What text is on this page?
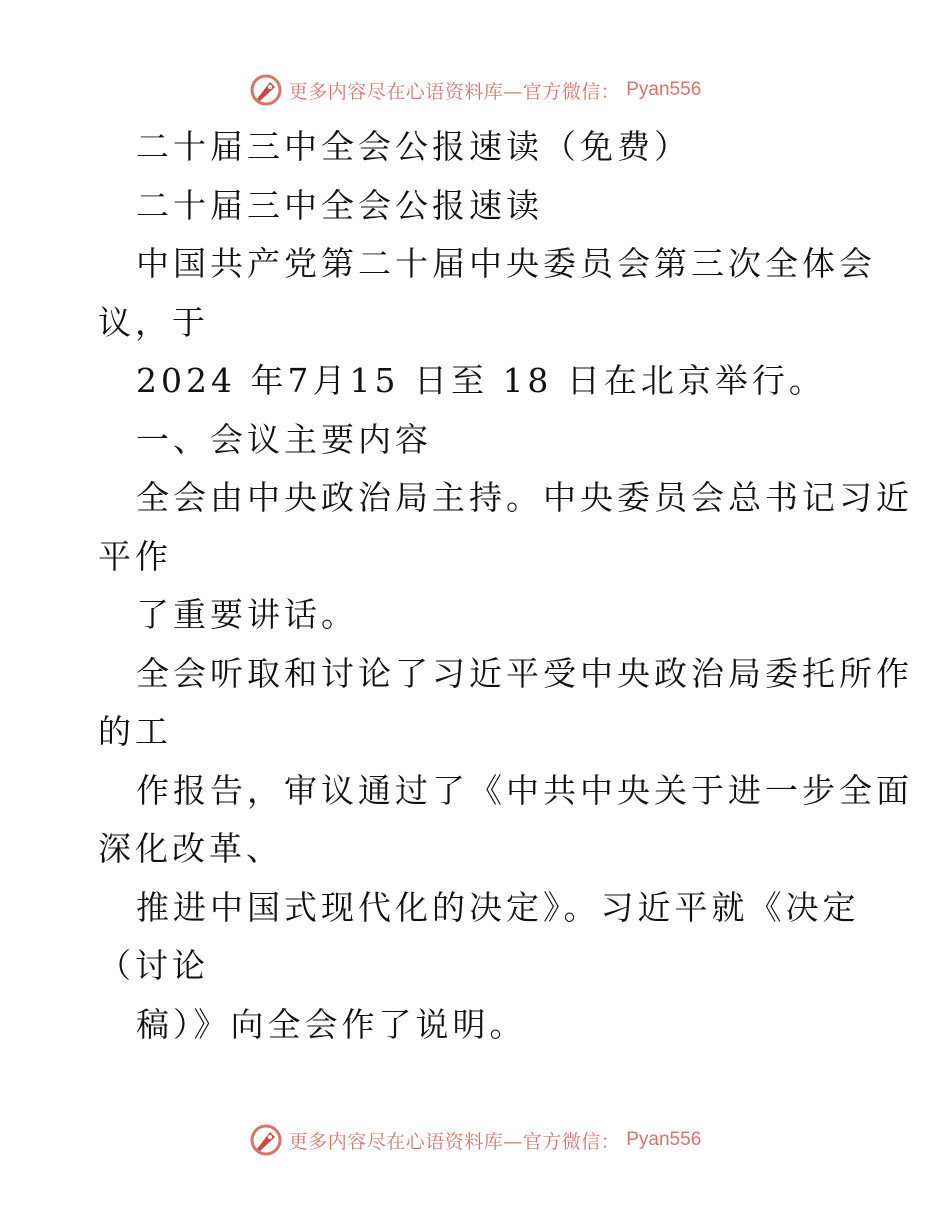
更多内容尽在心语资料库—官方微信： Pyan556
二十届三中全会公报速读（免费）
二十届三中全会公报速读
中国共产党第二十届中央委员会第三次全体会
议，于
2024 年7月15 日至 18 日在北京举行。
一、会议主要内容
全会由中央政治局主持。中央委员会总书记习近
平作
了重要讲话。
全会听取和讨论了习近平受中央政治局委托所作
的工
作报告，审议通过了《中共中央关于进一步全面
深化改革、
推进中国式现代化的决定》。习近平就《决定
（讨论
稿）》向全会作了说明。
更多内容尽在心语资料库—官方微信： Pyan556
